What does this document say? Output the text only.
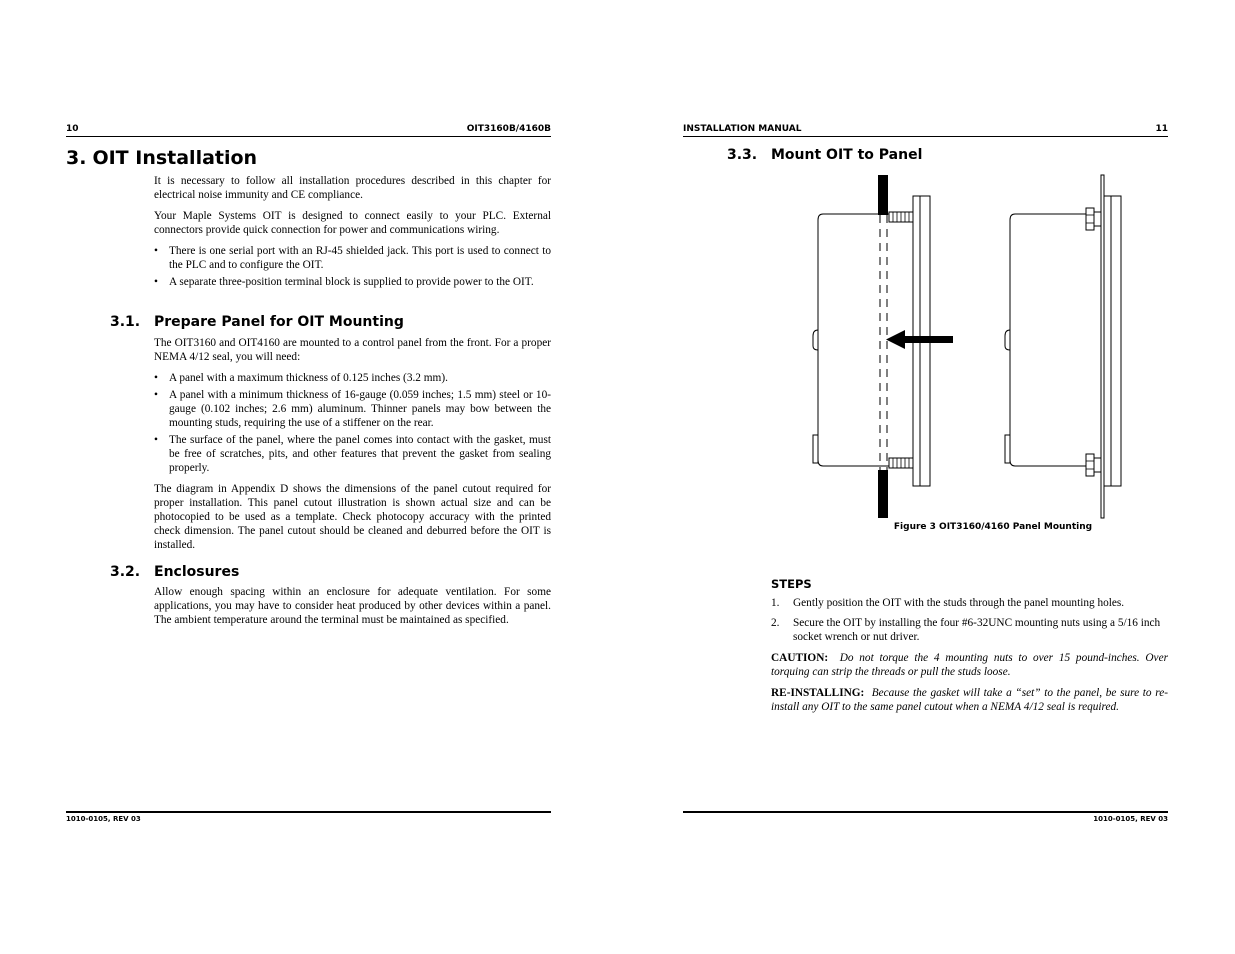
10	OIT3160B/4160B
3. OIT Installation

It is necessary to follow all installation procedures described in this chapter for electrical noise immunity and CE compliance.

Your Maple Systems OIT is designed to connect easily to your PLC. External connectors provide quick connection for power and communications wiring.

• There is one serial port with an RJ-45 shielded jack. This port is used to connect to the PLC and to configure the OIT.
• A separate three-position terminal block is supplied to provide power to the OIT.
3.1. Prepare Panel for OIT Mounting

The OIT3160 and OIT4160 are mounted to a control panel from the front. For a proper NEMA 4/12 seal, you will need:

• A panel with a maximum thickness of 0.125 inches (3.2 mm).
• A panel with a minimum thickness of 16-gauge (0.059 inches; 1.5 mm) steel or 10-gauge (0.102 inches; 2.6 mm) aluminum. Thinner panels may bow between the mounting studs, requiring the use of a stiffener on the rear.
• The surface of the panel, where the panel comes into contact with the gasket, must be free of scratches, pits, and other features that prevent the gasket from sealing properly.

The diagram in Appendix D shows the dimensions of the panel cutout required for proper installation. This panel cutout illustration is shown actual size and can be photocopied to be used as a template. Check photocopy accuracy with the printed check dimension. The panel cutout should be cleaned and deburred before the OIT is installed.

3.2. Enclosures

Allow enough spacing within an enclosure for adequate ventilation. For some applications, you may have to consider heat produced by other devices within a panel. The ambient temperature around the terminal must be maintained as specified.

1010-0105, REV 03
INSTALLATION MANUAL	11
3.3. Mount OIT to Panel
Figure 3 OIT3160/4160 Panel Mounting
STEPS
1. Gently position the OIT with the studs through the panel mounting holes.
2. Secure the OIT by installing the four #6-32UNC mounting nuts using a 5/16 inch socket wrench or nut driver.

CAUTION: Do not torque the 4 mounting nuts to over 15 pound-inches. Over torquing can strip the threads or pull the studs loose.

RE-INSTALLING: Because the gasket will take a “set” to the panel, be sure to re-install any OIT to the same panel cutout when a NEMA 4/12 seal is required.

1010-0105, REV 03
